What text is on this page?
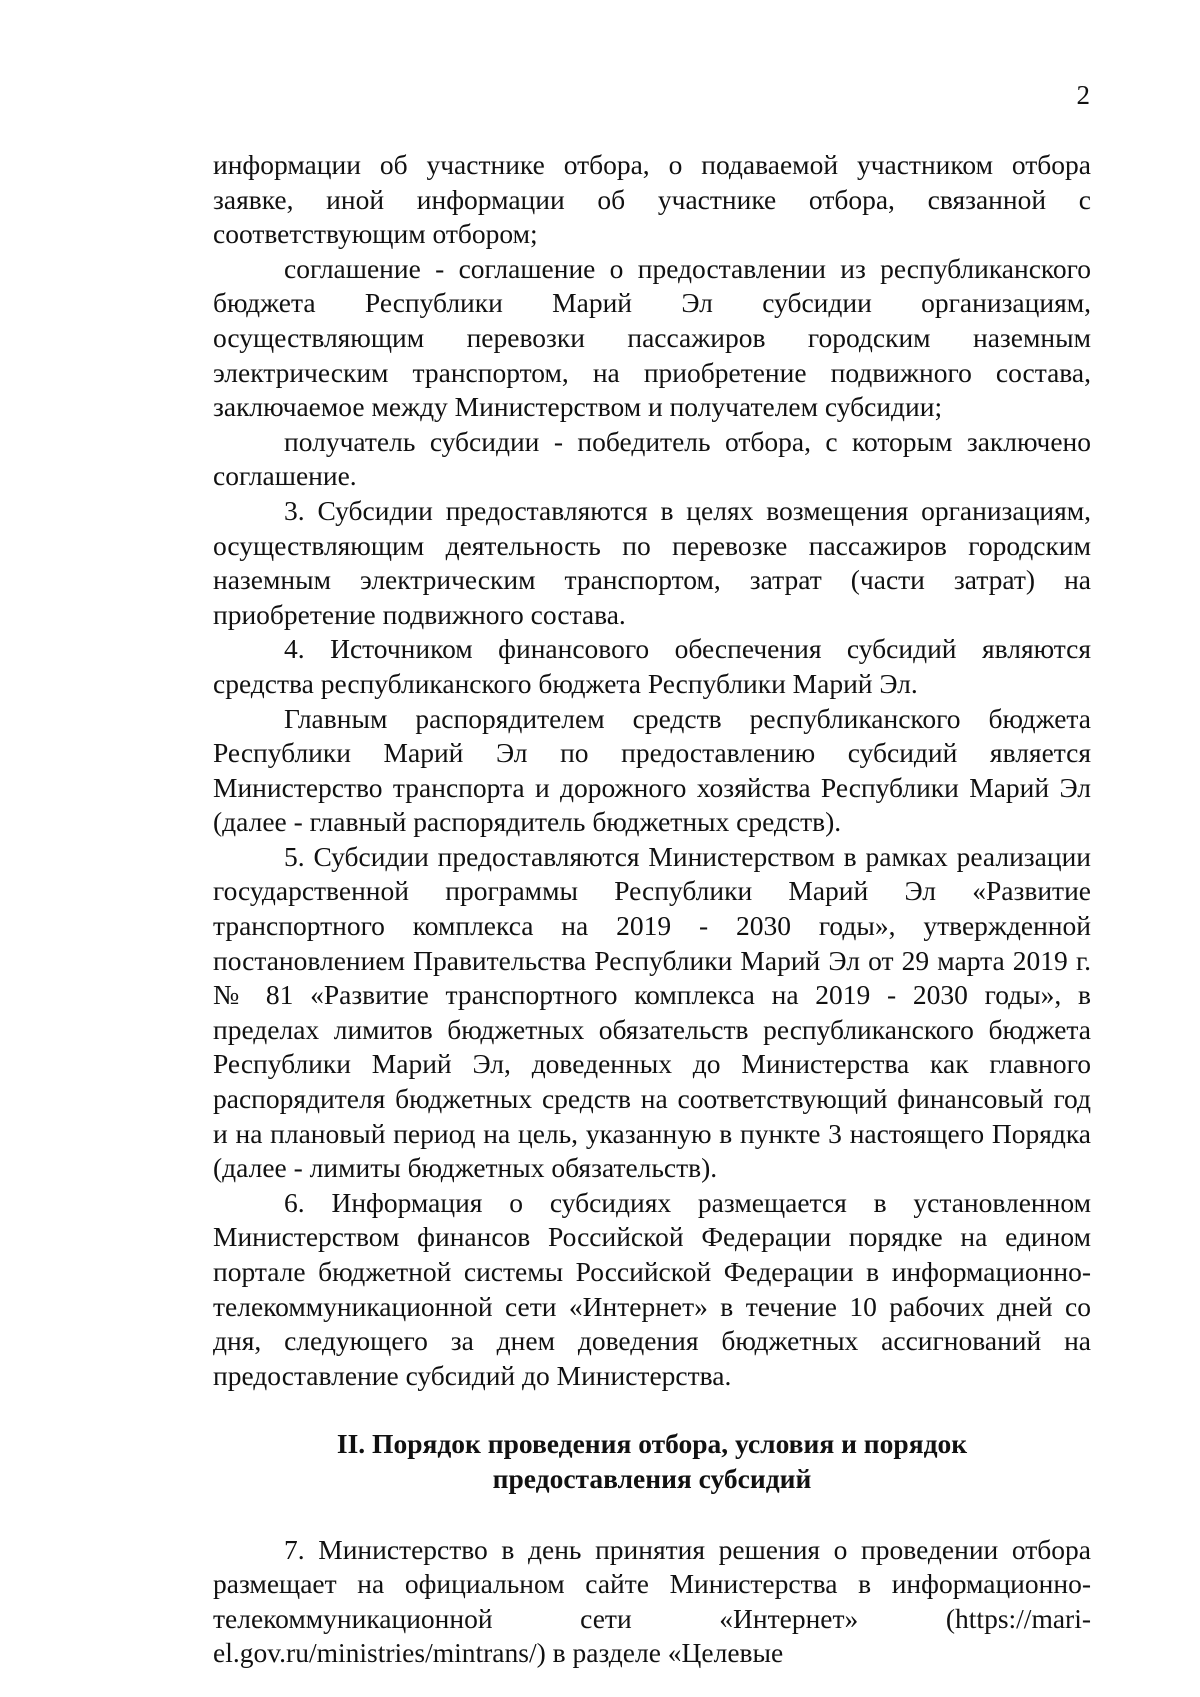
2

информации об участнике отбора, о подаваемой участником отбора заявке, иной информации об участнике отбора, связанной с соответствующим отбором;

соглашение - соглашение о предоставлении из республиканского бюджета Республики Марий Эл субсидии организациям, осуществляющим перевозки пассажиров городским наземным электрическим транспортом, на приобретение подвижного состава, заключаемое между Министерством и получателем субсидии;

получатель субсидии - победитель отбора, с которым заключено соглашение.

3. Субсидии предоставляются в целях возмещения организациям, осуществляющим деятельность по перевозке пассажиров городским наземным электрическим транспортом, затрат (части затрат) на приобретение подвижного состава.

4. Источником финансового обеспечения субсидий являются средства республиканского бюджета Республики Марий Эл.

Главным распорядителем средств республиканского бюджета Республики Марий Эл по предоставлению субсидий является Министерство транспорта и дорожного хозяйства Республики Марий Эл (далее - главный распорядитель бюджетных средств).

5. Субсидии предоставляются Министерством в рамках реализации государственной программы Республики Марий Эл «Развитие транспортного комплекса на 2019 - 2030 годы», утвержденной постановлением Правительства Республики Марий Эл от 29 марта 2019 г. № 81 «Развитие транспортного комплекса на 2019 - 2030 годы», в пределах лимитов бюджетных обязательств республиканского бюджета Республики Марий Эл, доведенных до Министерства как главного распорядителя бюджетных средств на соответствующий финансовый год и на плановый период на цель, указанную в пункте 3 настоящего Порядка (далее - лимиты бюджетных обязательств).

6. Информация о субсидиях размещается в установленном Министерством финансов Российской Федерации порядке на едином портале бюджетной системы Российской Федерации в информационно-телекоммуникационной сети «Интернет» в течение 10 рабочих дней со дня, следующего за днем доведения бюджетных ассигнований на предоставление субсидий до Министерства.

II. Порядок проведения отбора, условия и порядок
предоставления субсидий

7. Министерство в день принятия решения о проведении отбора размещает на официальном сайте Министерства в информационно-телекоммуникационной сети «Интернет» (https://mari-el.gov.ru/ministries/mintrans/) в разделе «Целевые
